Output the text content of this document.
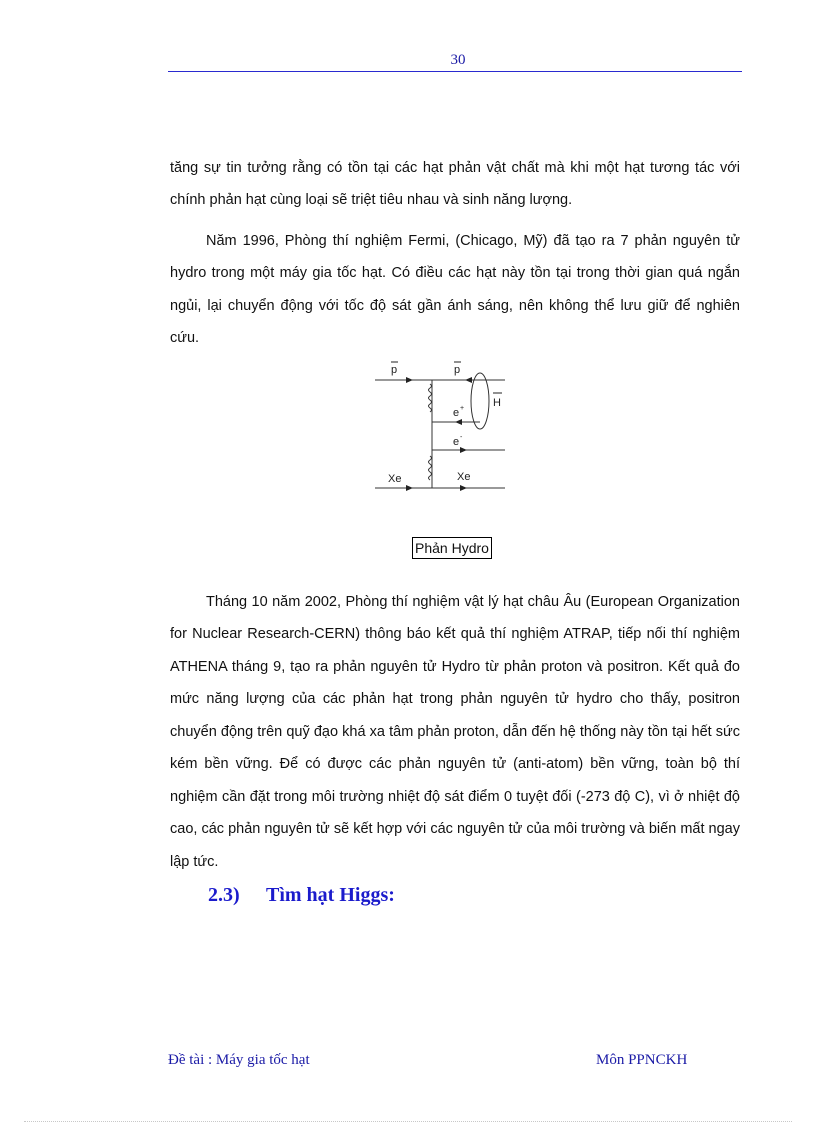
30

tăng sự tin tưởng rằng có tồn tại các hạt phản vật chất mà khi một hạt tương tác với chính phản hạt cùng loại sẽ triệt tiêu nhau và sinh năng lượng.

Năm 1996, Phòng thí nghiệm Fermi, (Chicago, Mỹ) đã tạo ra 7 phản nguyên tử hydro trong một máy gia tốc hạt. Có điều các hạt này tồn tại trong thời gian quá ngắn ngủi, lại chuyển động với tốc độ sát gần ánh sáng, nên không thể lưu giữ để nghiên cứu.

p	p
e +
e -
H
Xe	Xe
Phản Hydro

Tháng 10 năm 2002, Phòng thí nghiệm vật lý hạt châu Âu (European Organization for Nuclear Research-CERN) thông báo kết quả thí nghiệm ATRAP, tiếp nối thí nghiệm ATHENA tháng 9, tạo ra phản nguyên tử Hydro từ phản proton và positron. Kết quả đo mức năng lượng của các phản hạt trong phản nguyên tử hydro cho thấy, positron chuyển động trên quỹ đạo khá xa tâm phản proton, dẫn đến hệ thống này tồn tại hết sức kém bền vững. Để có được các phản nguyên tử (anti-atom) bền vững, toàn bộ thí nghiệm cần đặt trong môi trường nhiệt độ sát điểm 0 tuyệt đối (-273 độ C), vì ở nhiệt độ cao, các phản nguyên tử sẽ kết hợp với các nguyên tử của môi trường và biến mất ngay lập tức.

2.3) Tìm hạt Higgs:
Đề tài : Máy gia tốc hạt	Môn PPNCKH
